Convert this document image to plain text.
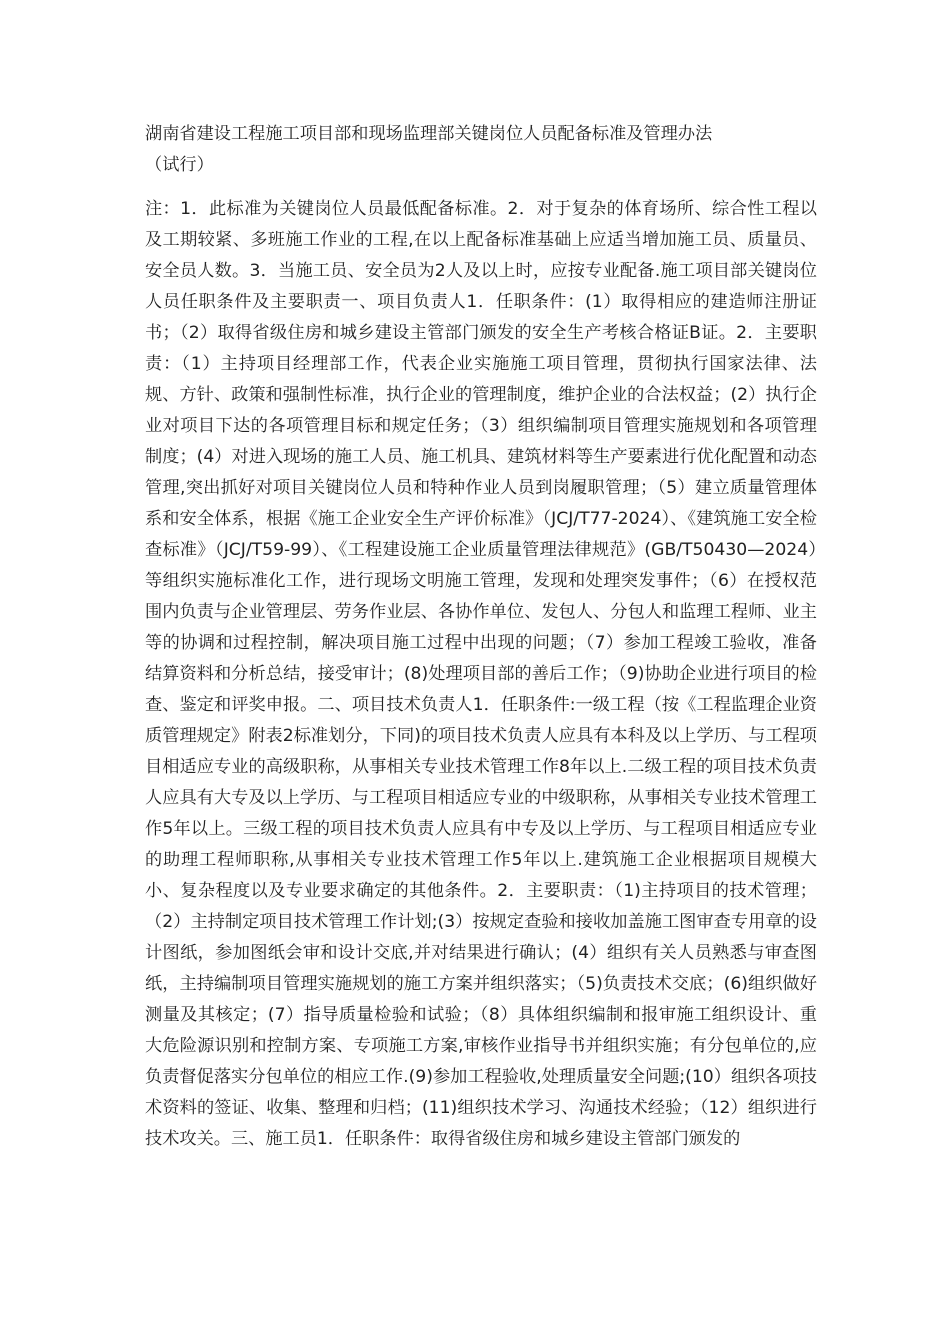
湖南省建设工程施工项目部和现场监理部关键岗位人员配备标准及管理办法
（试行）

注：1．此标准为关键岗位人员最低配备标准。2．对于复杂的体育场所、综合性工程以及工期较紧、多班施工作业的工程,在以上配备标准基础上应适当增加施工员、质量员、安全员人数。3．当施工员、安全员为2人及以上时，应按专业配备.施工项目部关键岗位人员任职条件及主要职责一、项目负责人1．任职条件：(1）取得相应的建造师注册证书；（2）取得省级住房和城乡建设主管部门颁发的安全生产考核合格证B证。2．主要职责：（1）主持项目经理部工作，代表企业实施施工项目管理，贯彻执行国家法律、法规、方针、政策和强制性标准，执行企业的管理制度，维护企业的合法权益；(2）执行企业对项目下达的各项管理目标和规定任务；（3）组织编制项目管理实施规划和各项管理制度；(4）对进入现场的施工人员、施工机具、建筑材料等生产要素进行优化配置和动态管理,突出抓好对项目关键岗位人员和特种作业人员到岗履职管理；（5）建立质量管理体系和安全体系，根据《施工企业安全生产评价标准》（JCJ/T77-2024）、《建筑施工安全检查标准》（JCJ/T59-99）、《工程建设施工企业质量管理法律规范》(GB/T50430—2024）等组织实施标准化工作，进行现场文明施工管理，发现和处理突发事件；（6）在授权范围内负责与企业管理层、劳务作业层、各协作单位、发包人、分包人和监理工程师、业主等的协调和过程控制，解决项目施工过程中出现的问题；（7）参加工程竣工验收，准备结算资料和分析总结，接受审计；(8)处理项目部的善后工作；（9)协助企业进行项目的检查、鉴定和评奖申报。二、项目技术负责人1．任职条件:一级工程（按《工程监理企业资质管理规定》附表2标准划分，下同)的项目技术负责人应具有本科及以上学历、与工程项目相适应专业的高级职称，从事相关专业技术管理工作8年以上.二级工程的项目技术负责人应具有大专及以上学历、与工程项目相适应专业的中级职称，从事相关专业技术管理工作5年以上。三级工程的项目技术负责人应具有中专及以上学历、与工程项目相适应专业的助理工程师职称,从事相关专业技术管理工作5年以上.建筑施工企业根据项目规模大小、复杂程度以及专业要求确定的其他条件。2．主要职责：（1)主持项目的技术管理；（2）主持制定项目技术管理工作计划;(3）按规定查验和接收加盖施工图审查专用章的设计图纸，参加图纸会审和设计交底,并对结果进行确认；(4）组织有关人员熟悉与审查图纸，主持编制项目管理实施规划的施工方案并组织落实；（5)负责技术交底；(6)组织做好测量及其核定；(7）指导质量检验和试验；（8）具体组织编制和报审施工组织设计、重大危险源识别和控制方案、专项施工方案,审核作业指导书并组织实施；有分包单位的,应负责督促落实分包单位的相应工作.(9)参加工程验收,处理质量安全问题;(10）组织各项技术资料的签证、收集、整理和归档；(11)组织技术学习、沟通技术经验；（12）组织进行技术攻关。三、施工员1．任职条件：取得省级住房和城乡建设主管部门颁发的
